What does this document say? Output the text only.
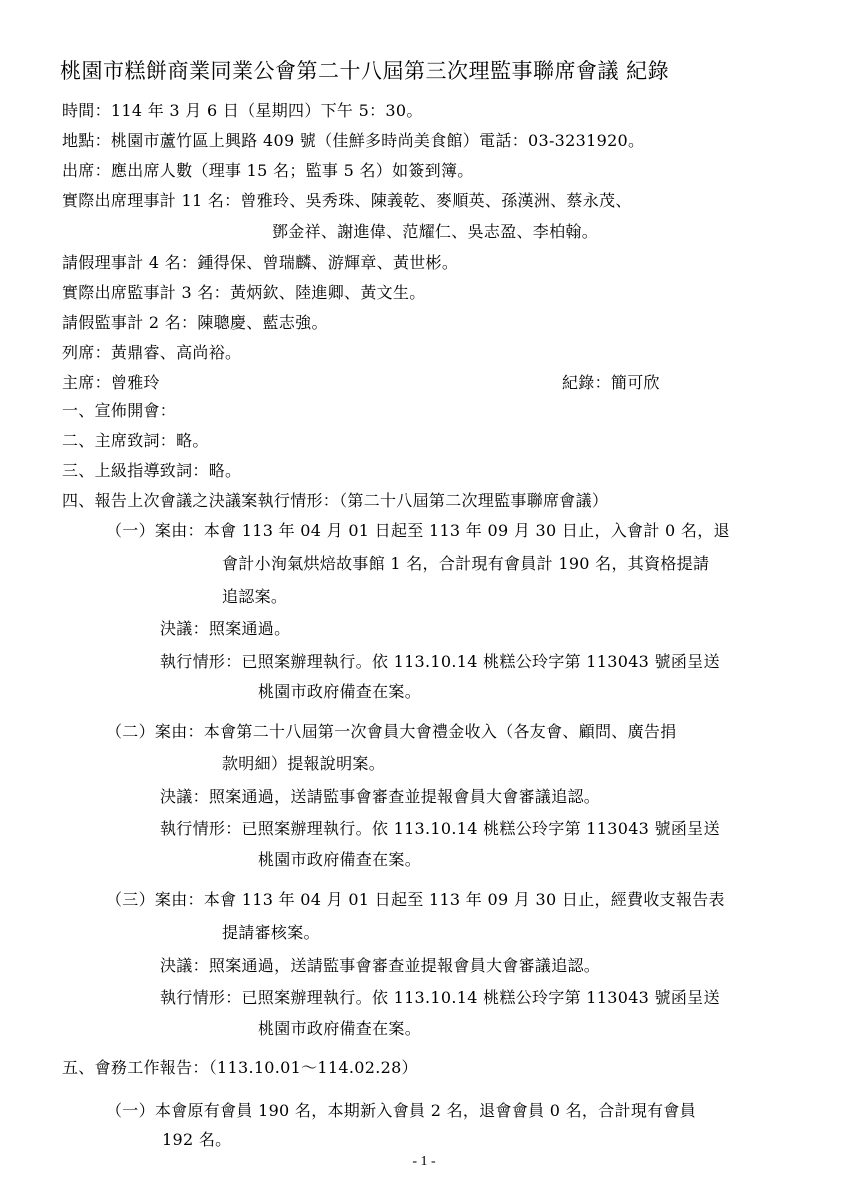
桃園市糕餅商業同業公會第二十八屆第三次理監事聯席會議 紀錄
時間：114 年 3 月 6 日（星期四）下午 5：30。
地點：桃園市蘆竹區上興路 409 號（佳鮮多時尚美食館）電話：03-3231920。
出席：應出席人數（理事 15 名；監事 5 名）如簽到簿。
實際出席理事計 11 名：曾雅玲、吳秀珠、陳義乾、麥順英、孫漢洲、蔡永茂、
鄧金祥、謝進偉、范耀仁、吳志盈、李柏翰。
請假理事計 4 名：鍾得保、曾瑞麟、游輝章、黃世彬。
實際出席監事計 3 名：黃炳欽、陸進卿、黃文生。
請假監事計 2 名：陳聰慶、藍志強。
列席：黃鼎睿、高尚裕。
主席：曾雅玲	紀錄：簡可欣
一、宣佈開會：
二、主席致詞：略。
三、上級指導致詞：略。
四、報告上次會議之決議案執行情形：（第二十八屆第二次理監事聯席會議）
（一）案由：本會 113 年 04 月 01 日起至 113 年 09 月 30 日止，入會計 0 名，退
會計小洵氣烘焙故事館 1 名，合計現有會員計 190 名，其資格提請
追認案。
決議：照案通過。
執行情形：已照案辦理執行。依 113.10.14 桃糕公玲字第 113043 號函呈送
桃園市政府備查在案。
（二）案由：本會第二十八屆第一次會員大會禮金收入（各友會、顧問、廣告捐
款明細）提報說明案。
決議：照案通過，送請監事會審查並提報會員大會審議追認。
執行情形：已照案辦理執行。依 113.10.14 桃糕公玲字第 113043 號函呈送
桃園市政府備查在案。
（三）案由：本會 113 年 04 月 01 日起至 113 年 09 月 30 日止，經費收支報告表
提請審核案。
決議：照案通過，送請監事會審查並提報會員大會審議追認。
執行情形：已照案辦理執行。依 113.10.14 桃糕公玲字第 113043 號函呈送
桃園市政府備查在案。
五、會務工作報告：（113.10.01～114.02.28）
（一）本會原有會員 190 名，本期新入會員 2 名，退會會員 0 名，合計現有會員
192 名。
- 1 -
